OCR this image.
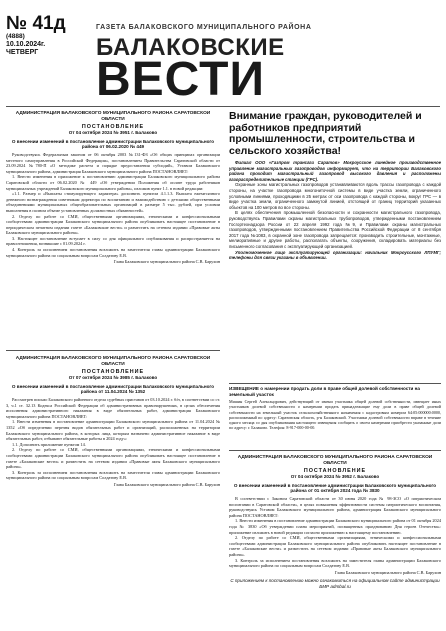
№ 41д
(4888)
10.10.2024г.
ЧЕТВЕРГ
ГАЗЕТА БАЛАКОВСКОГО МУНИЦИПАЛЬНОГО РАЙОНА
БАЛАКОВСКИЕ
ВЕСТИ
АДМИНИСТРАЦИЯ БАЛАКОВСКОГО МУНИЦИПАЛЬНОГО РАЙОНА САРАТОВСКОЙ ОБЛАСТИ
ПОСТАНОВЛЕНИЕ
От 04 октября 2024 № 3951 г. Балаково
О внесении изменений в постановление администрации Балаковского муниципального района от 06.02.2020 № 449

Руководствуясь Федеральным законом от 06 октября 2003 №131-ФЗ «Об общих принципах организации местного самоуправления в Российской Федерации», постановлением Правительства Саратовской области от 23.09.2024 №780-П «О методике расчета и порядке предоставления субсидий», Уставом Балаковского муниципального района, администрация Балаковского муниципального района ПОСТАНОВЛЯЕТ:

1. Внести изменения в приложение к постановлению администрации Балаковского муниципального района Саратовской области от 06.02.2020 № 449 «Об утверждении Положения об оплате труда работников муниципальных учреждений Балаковского муниципального района», изложив пункт 1.1. в новой редакции:

«1.1. Размер и «Выплаты стимулирующего характера» дополнить пунктом 4.1.1.3. Выплата ежемесячного денежного вознаграждения советникам директора по воспитанию и взаимодействию с детскими общественными объединениями муниципальных общеобразовательных организаций в размере 5 тыс. рублей, при условии выполнения в полном объеме установленных должностных обязанностей».

2. Отделу по работе со СМИ, общественными организациями, этническими и конфессиональными сообществами администрации Балаковского муниципального района опубликовать настоящее постановление в периодическом печатном издании газете «Балаковские вести» и разместить на сетевом издании «Правовые акты Балаковского муниципального района».

3. Настоящее постановление вступает в силу со дня официального опубликования и распространяется на правоотношения, возникшие с 01.09.2024 г.

4. Контроль за исполнением постановления возложить на заместителя главы администрации Балаковского муниципального района по социальным вопросам Солдатову Е.В.

Глава Балаковского муниципального района С.В. Барухин
Внимание граждан, руководителей и работников предприятий промышленности, строительства и сельского хозяйства!

Филиал ООО «Газпром трансгаз Саратов» Мокроусское линейное производственное управление магистральных газопроводов информирует, что на территории Балаковского района проходит магистральный газопровод высокого давления и расположены газораспределительные станции (ГРС).

Охранные зоны магистральных газопроводов устанавливаются вдоль трассы газопровода с каждой стороны, на участке газопровода многониточной системы в виде участка земли, ограниченного условными линиями, проходящими в 25 метрах от оси газопровода с каждой стороны, вокруг ГРС — в виде участка земли, ограниченного замкнутой линией, отстоящей от границ территорий указанных объектов на 100 метров во все стороны.

В целях обеспечения промышленной безопасности и сохранности магистрального газопровода, руководствуясь Правилами охраны магистральных трубопроводов, утвержденными постановлением Госгортехнадзора России от 22 апреля 1992 года №9, и Правилами охраны магистральных газопроводов, утвержденными постановлением Правительства Российской Федерации от 8 сентября 2017 года №1083, в охранной зоне газопровода запрещается: производить строительные, монтажные, мелиоративные и другие работы, располагать объекты, сооружения, складировать материалы без письменного согласования с эксплуатирующей организацией.

Уполномоченное лицо эксплуатирующей организации: начальник Мокроусского ЛПУМГ; телефоны для связи указаны в объявлении.

ИЗВЕЩЕНИЕ о намерении продать доли в праве общей долевой собственности на земельный участок
Мишин Сергей Александрович, действующий от имени участника общей долевой собственности, извещает иных участников долевой собственности о намерении продать принадлежащие ему доли в праве общей долевой собственности на земельный участок сельскохозяйственного назначения с кадастровым номером 64:05:000000:0000, расположенный по адресу: Саратовская область, р-н Балаковский. Участники долевой собственности вправе в течение одного месяца со дня опубликования настоящего извещения сообщить о своем намерении приобрести указанные доли по адресу: г. Балаково. Телефон: 8-917-000-00-00.
АДМИНИСТРАЦИЯ БАЛАКОВСКОГО МУНИЦИПАЛЬНОГО РАЙОНА САРАТОВСКОЙ ОБЛАСТИ
ПОСТАНОВЛЕНИЕ
От 07 октября 2024 № 3985 г. Балаково
О внесении изменений в постановление администрации Балаковского муниципального района от 11.04.2024 № 1352

Рассмотрев письмо Балаковского районного отдела судебных приставов от 03.10.2024 г. б/н, в соответствии со ст. 3, ч.1 ст. 32.13 Кодекса Российской Федерации об административных правонарушениях, в целях обеспечения исполнения административного наказания в виде обязательных работ, администрация Балаковского муниципального района ПОСТАНОВЛЯЕТ:

1. Внести изменения в постановление администрации Балаковского муниципального района от 11.04.2024 № 1352 «Об определении перечня видов обязательных работ и организаций, расположенных на территории Балаковского муниципального района, в которых лица, которым назначено административное наказание в виде обязательных работ, отбывают обязательные работы в 2024 году»:

1.1. Дополнить приложение пунктом 14.

2. Отделу по работе со СМИ, общественными организациями, этническими и конфессиональными сообществами администрации Балаковского муниципального района опубликовать настоящее постановление в газете «Балаковские вести» и разместить на сетевом издании «Правовые акты Балаковского муниципального района».

3. Контроль за исполнением постановления возложить на заместителя главы администрации Балаковского муниципального района по социальным вопросам Солдатову Е.В.

Глава Балаковского муниципального района С.В. Барухин
АДМИНИСТРАЦИЯ БАЛАКОВСКОГО МУНИЦИПАЛЬНОГО РАЙОНА САРАТОВСКОЙ ОБЛАСТИ
ПОСТАНОВЛЕНИЕ
От 04 октября 2024 № 3952 г. Балаково
О внесении изменений в постановление администрации Балаковского муниципального района от 01 октября 2024 года № 3830

В соответствии с Законом Саратовской области от 30 июня 2020 года № 98-ЗСО «О патриотическом воспитании в Саратовской области», в целях повышения эффективности системы патриотического воспитания, руководствуясь Уставом Балаковского муниципального района, администрация Балаковского муниципального района ПОСТАНОВЛЯЕТ:

1. Внести изменения в постановление администрации Балаковского муниципального района от 01 октября 2024 года № 3830 «Об утверждении плана мероприятий, посвященных празднованию Дня героев Отечества»: приложение изложить в новой редакции согласно приложению к настоящему постановлению.

2. Отделу по работе со СМИ, общественными организациями, этническими и конфессиональными сообществами администрации Балаковского муниципального района опубликовать настоящее постановление в газете «Балаковские вести» и разместить на сетевом издании «Правовые акты Балаковского муниципального района».

3. Контроль за исполнением постановления возложить на заместителя главы администрации Балаковского муниципального района по социальным вопросам Солдатову Е.В.

Глава Балаковского муниципального района С.В. Барухин
С приложением к постановлению можно ознакомиться на официальном сайте администрации БМР admbal.ru
